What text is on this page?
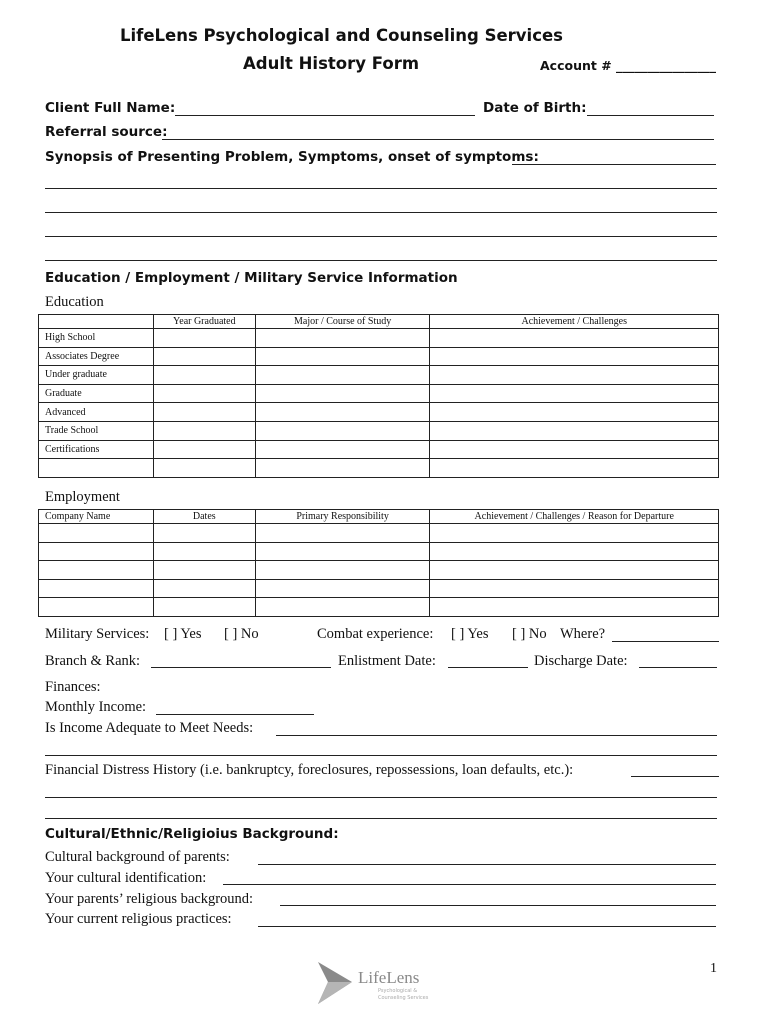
LifeLens Psychological and Counseling Services
Adult History Form	Account # ________________
Client Full Name:	Date of Birth:
Referral source:
Synopsis of Presenting Problem, Symptoms, onset of symptoms:
Education / Employment / Military Service Information
Education
	Year Graduated	Major / Course of Study	Achievement / Challenges
High School			
Associates Degree			
Under graduate			
Graduate			
Advanced			
Trade School			
Certifications			

Employment
Company Name	Dates	Primary Responsibility	Achievement / Challenges / Reason for Departure

Military Services: [ ] Yes [ ] No	Combat experience: [ ] Yes [ ] No Where?
Branch & Rank:	Enlistment Date:	Discharge Date:
Finances:
Monthly Income:
Is Income Adequate to Meet Needs:
Financial Distress History (i.e. bankruptcy, foreclosures, repossessions, loan defaults, etc.):
Cultural/Ethnic/Religioius Background:
Cultural background of parents:
Your cultural identification:
Your parents’ religious background:
Your current religious practices:
LifeLens
Psychological &
Counseling Services
1
